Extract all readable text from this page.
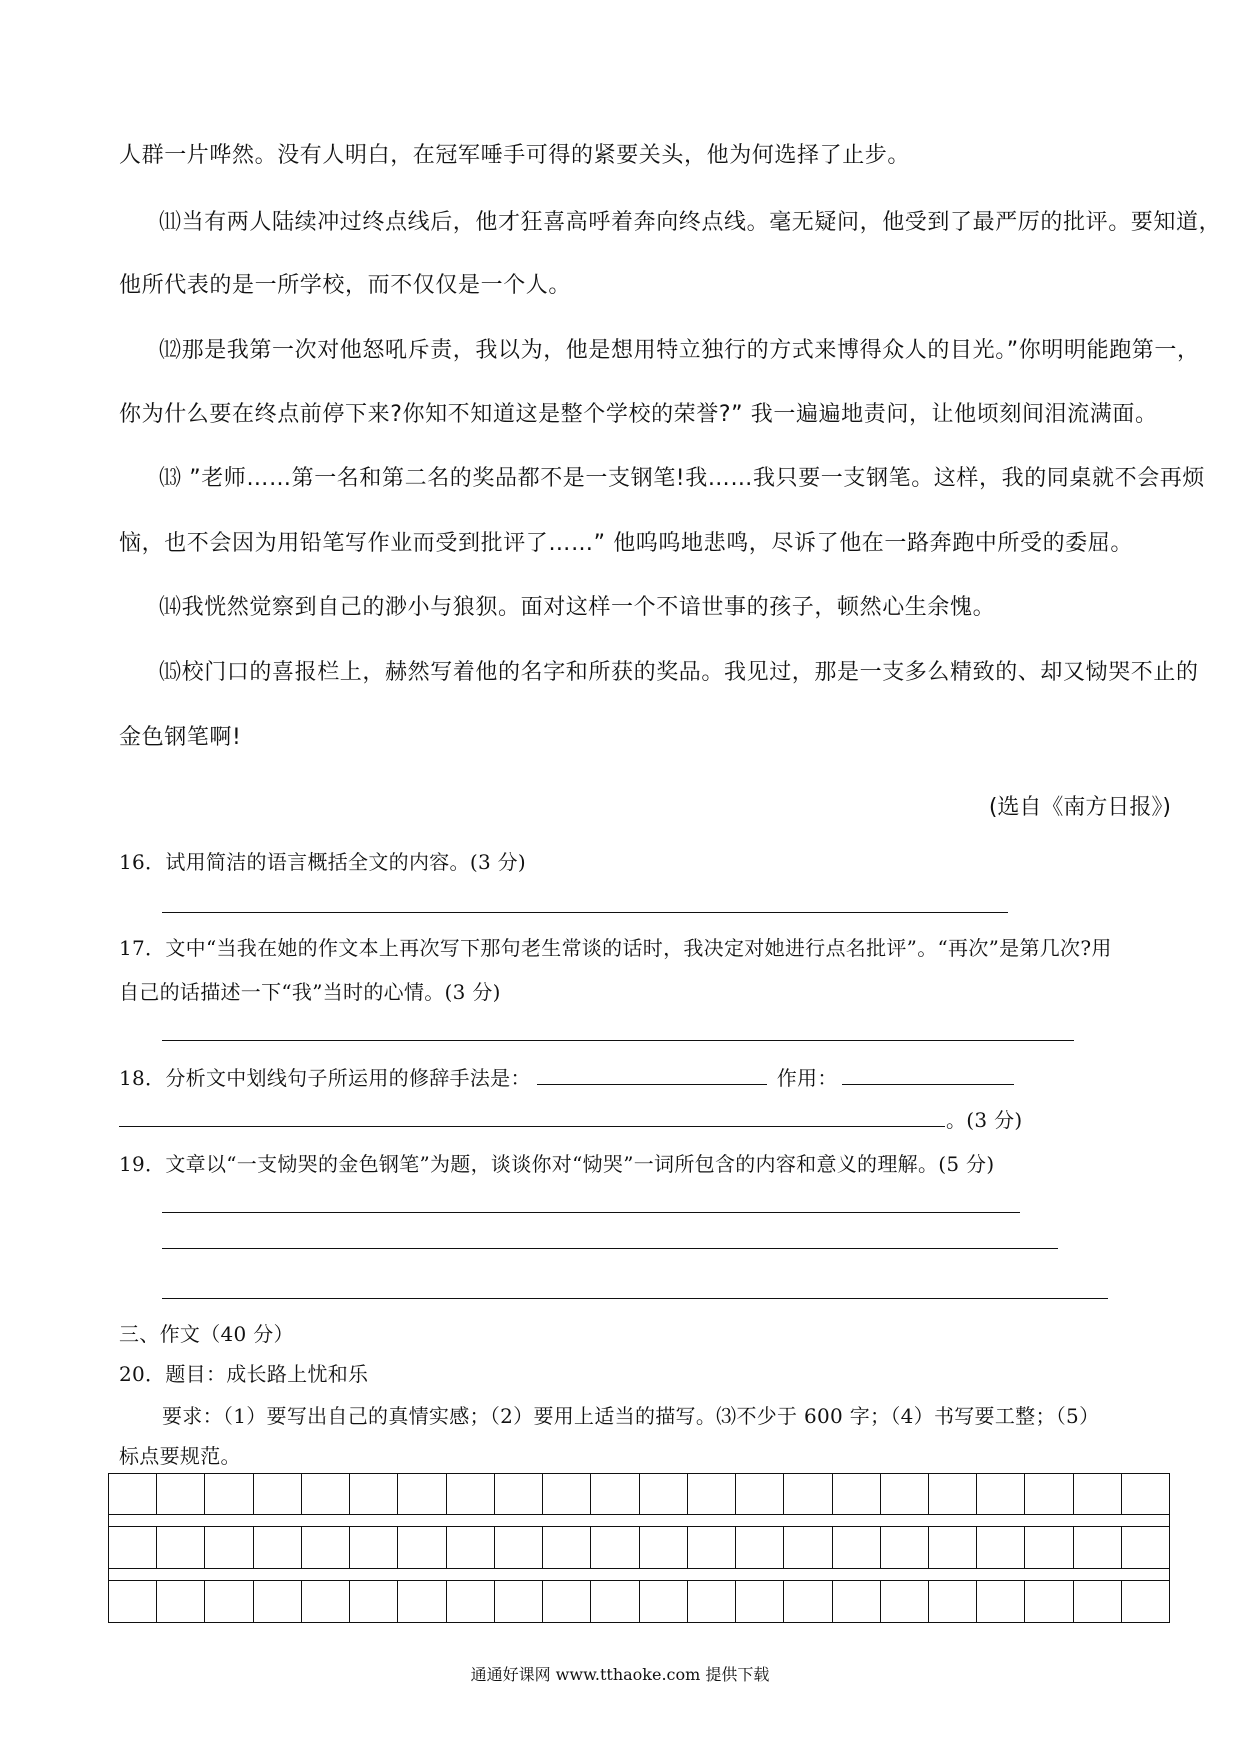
人群一片哗然。没有人明白，在冠军唾手可得的紧要关头，他为何选择了止步。
⑾当有两人陆续冲过终点线后，他才狂喜高呼着奔向终点线。毫无疑问，他受到了最严厉的批评。要知道，
他所代表的是一所学校，而不仅仅是一个人。
⑿那是我第一次对他怒吼斥责，我以为，他是想用特立独行的方式来博得众人的目光。”你明明能跑第一，
你为什么要在终点前停下来?你知不知道这是整个学校的荣誉?” 我一遍遍地责问，让他顷刻间泪流满面。
⒀ ”老师……第一名和第二名的奖品都不是一支钢笔!我……我只要一支钢笔。这样，我的同桌就不会再烦
恼，也不会因为用铅笔写作业而受到批评了……” 他呜呜地悲鸣，尽诉了他在一路奔跑中所受的委屈。
⒁我恍然觉察到自己的渺小与狼狈。面对这样一个不谙世事的孩子，顿然心生余愧。
⒂校门口的喜报栏上，赫然写着他的名字和所获的奖品。我见过，那是一支多么精致的、却又恸哭不止的
金色钢笔啊!
(选自《南方日报》)
16．试用简洁的语言概括全文的内容。(3 分)
17．文中“当我在她的作文本上再次写下那句老生常谈的话时，我决定对她进行点名批评”。“再次”是第几次?用
自己的话描述一下“我”当时的心情。(3 分)
18．分析文中划线句子所运用的修辞手法是：	作用：
。(3 分)
19．文章以“一支恸哭的金色钢笔”为题，谈谈你对“恸哭”一词所包含的内容和意义的理解。(5 分)
三、作文（40 分）
20．题目：成长路上忧和乐
要求：（1）要写出自己的真情实感；（2）要用上适当的描写。⑶不少于 600 字；（4）书写要工整；（5）
标点要规范。
通通好课网 www.tthaoke.com 提供下载
